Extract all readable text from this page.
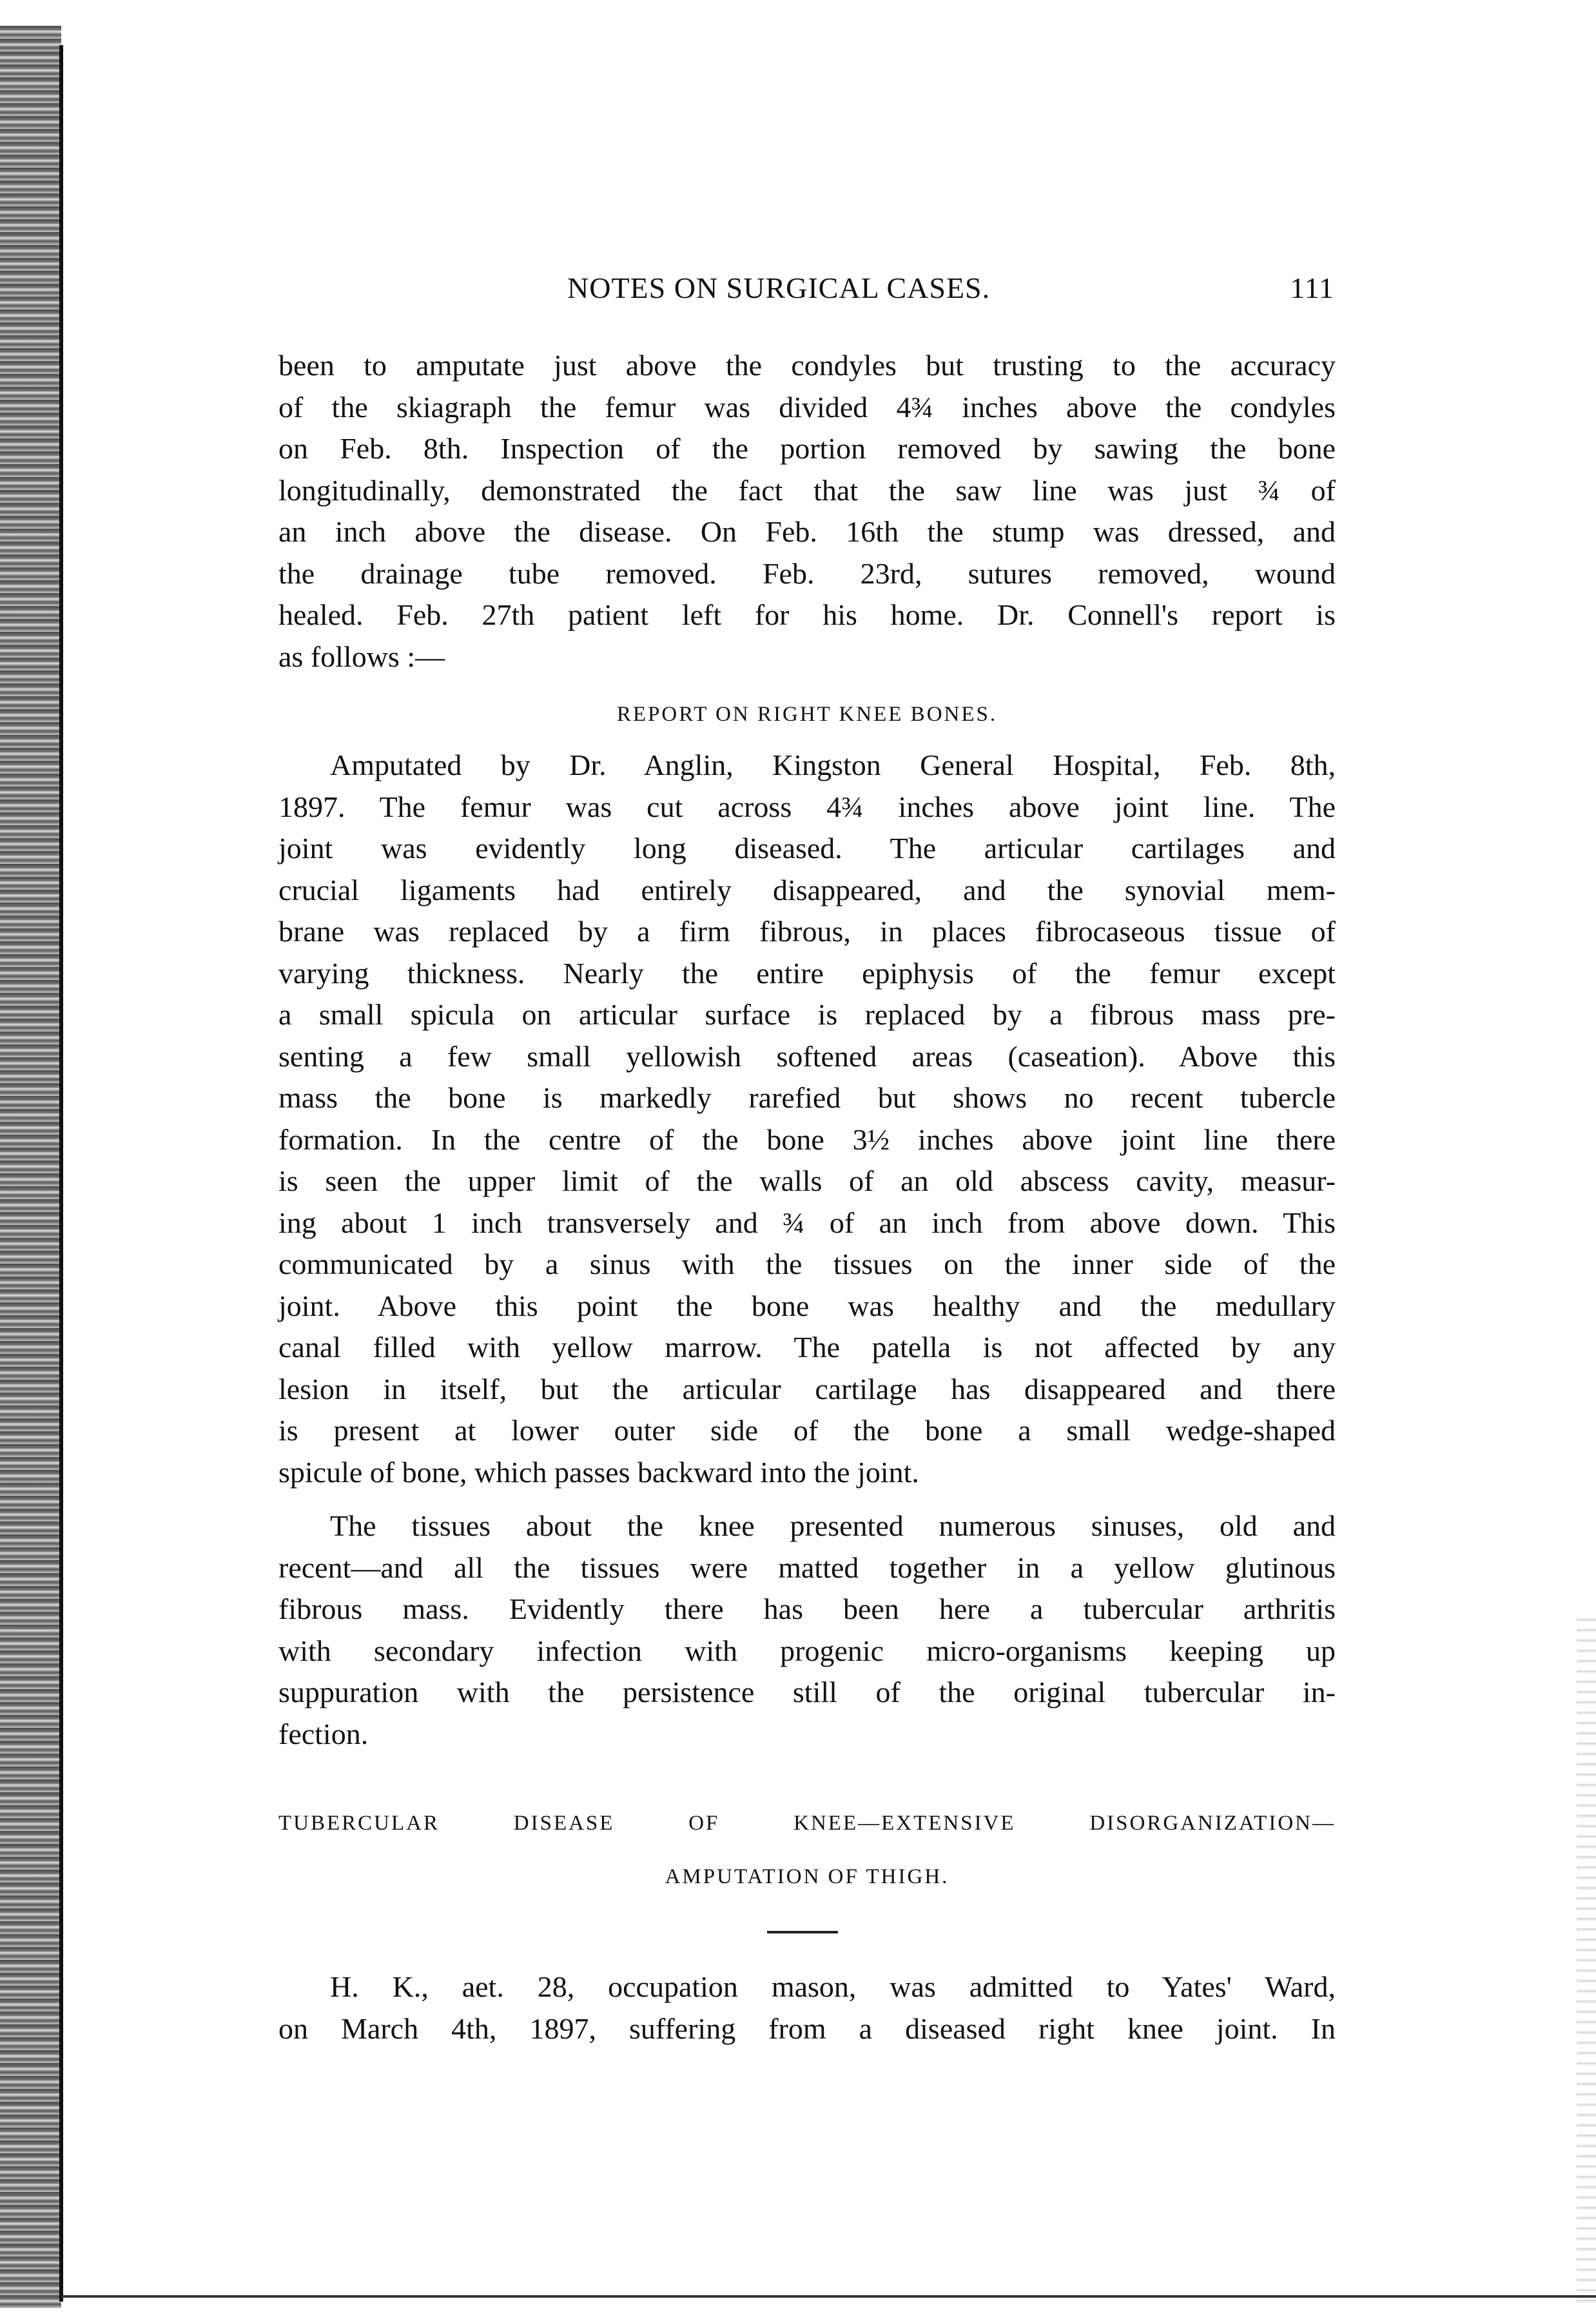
NOTES ON SURGICAL CASES.	111
been to amputate just above the condyles but trusting to the accuracy
of the skiagraph the femur was divided 4¾ inches above the condyles
on Feb. 8th. Inspection of the portion removed by sawing the bone
longitudinally, demonstrated the fact that the saw line was just ¾ of
an inch above the disease. On Feb. 16th the stump was dressed, and
the drainage tube removed. Feb. 23rd, sutures removed, wound
healed. Feb. 27th patient left for his home. Dr. Connell's report is
as follows :—
REPORT ON RIGHT KNEE BONES.
Amputated by Dr. Anglin, Kingston General Hospital, Feb. 8th,
1897. The femur was cut across 4¾ inches above joint line. The
joint was evidently long diseased. The articular cartilages and
crucial ligaments had entirely disappeared, and the synovial mem-
brane was replaced by a firm fibrous, in places fibrocaseous tissue of
varying thickness. Nearly the entire epiphysis of the femur except
a small spicula on articular surface is replaced by a fibrous mass pre-
senting a few small yellowish softened areas (caseation). Above this
mass the bone is markedly rarefied but shows no recent tubercle
formation. In the centre of the bone 3½ inches above joint line there
is seen the upper limit of the walls of an old abscess cavity, measur-
ing about 1 inch transversely and ¾ of an inch from above down. This
communicated by a sinus with the tissues on the inner side of the
joint. Above this point the bone was healthy and the medullary
canal filled with yellow marrow. The patella is not affected by any
lesion in itself, but the articular cartilage has disappeared and there
is present at lower outer side of the bone a small wedge-shaped
spicule of bone, which passes backward into the joint.
The tissues about the knee presented numerous sinuses, old and
recent—and all the tissues were matted together in a yellow glutinous
fibrous mass. Evidently there has been here a tubercular arthritis
with secondary infection with progenic micro-organisms keeping up
suppuration with the persistence still of the original tubercular in-
fection.
TUBERCULAR	DISEASE	OF	KNEE—EXTENSIVE	DISORGANIZATION—
AMPUTATION OF THIGH.
H. K., aet. 28, occupation mason, was admitted to Yates' Ward,
on March 4th, 1897, suffering from a diseased right knee joint. In
